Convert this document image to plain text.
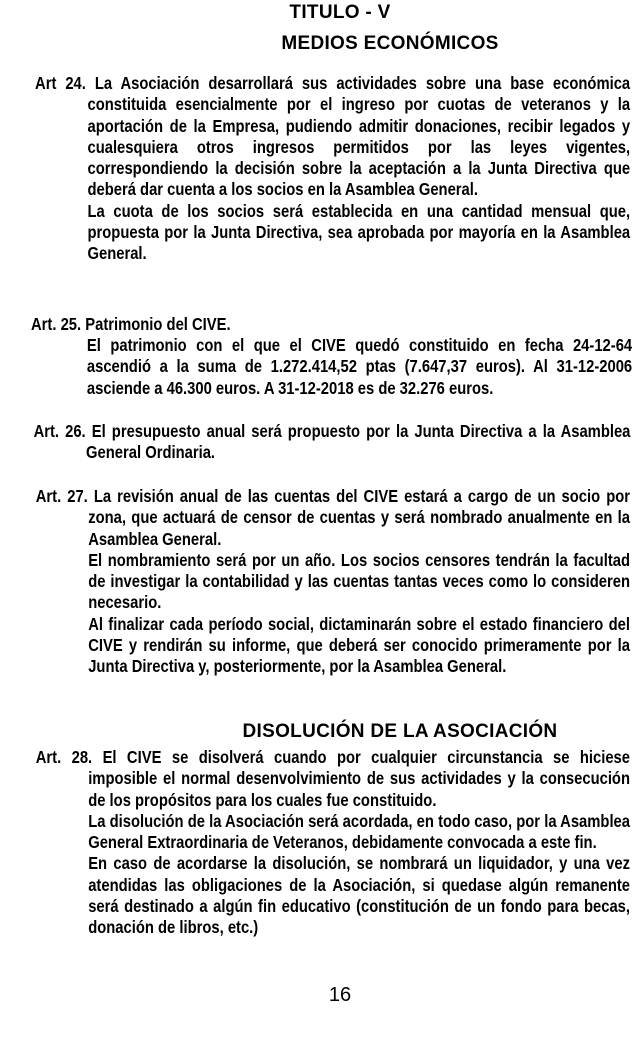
TITULO - V
MEDIOS ECONÓMICOS

Art 24. La Asociación desarrollará sus actividades sobre una base económica constituida esencialmente por el ingreso por cuotas de veteranos y la aportación de la Empresa, pudiendo admitir donaciones, recibir legados y cualesquiera otros ingresos permitidos por las leyes vigentes, correspondiendo la decisión sobre la aceptación a la Junta Directiva que deberá dar cuenta a los socios en la Asamblea General.

La cuota de los socios será establecida en una cantidad mensual que, propuesta por la Junta Directiva, sea aprobada por mayoría en la Asamblea General.

Art. 25. Patrimonio del CIVE.

El patrimonio con el que el CIVE quedó constituido en fecha 24-12-64 ascendió a la suma de 1.272.414,52 ptas (7.647,37 euros). Al 31-12-2006 asciende a 46.300 euros. A 31-12-2018 es de 32.276 euros.

Art. 26. El presupuesto anual será propuesto por la Junta Directiva a la Asamblea General Ordinaria.

Art. 27. La revisión anual de las cuentas del CIVE estará a cargo de un socio por zona, que actuará de censor de cuentas y será nombrado anualmente en la Asamblea General.

El nombramiento será por un año. Los socios censores tendrán la facultad de investigar la contabilidad y las cuentas tantas veces como lo consideren necesario.

Al finalizar cada período social, dictaminarán sobre el estado financiero del CIVE y rendirán su informe, que deberá ser conocido primeramente por la Junta Directiva y, posteriormente, por la Asamblea General.

DISOLUCIÓN DE LA ASOCIACIÓN

Art. 28. El CIVE se disolverá cuando por cualquier circunstancia se hiciese imposible el normal desenvolvimiento de sus actividades y la consecución de los propósitos para los cuales fue constituido.

La disolución de la Asociación será acordada, en todo caso, por la Asamblea General Extraordinaria de Veteranos, debidamente convocada a este fin.

En caso de acordarse la disolución, se nombrará un liquidador, y una vez atendidas las obligaciones de la Asociación, si quedase algún remanente será destinado a algún fin educativo (constitución de un fondo para becas, donación de libros, etc.)

16
